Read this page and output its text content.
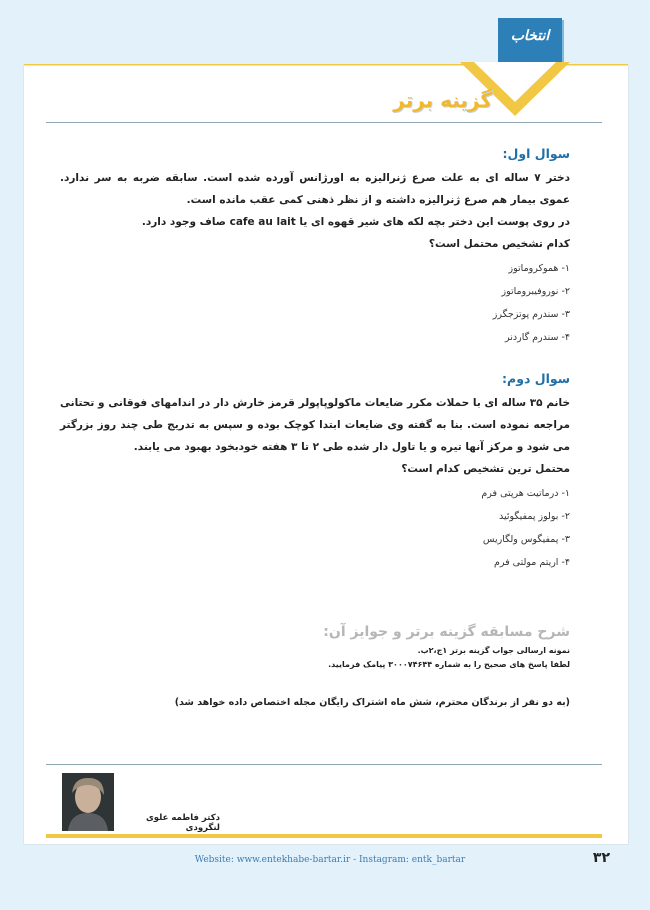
انتخاب
گزینه برتر

سوال اول:

دختر ۷ ساله ای به علت صرع ژنرالیزه به اورژانس آورده شده است. سابقه ضربه به سر ندارد. عموی بیمار هم صرع ژنرالیزه داشته و از نظر ذهنی کمی عقب مانده است.

در روی پوست این دختر بچه لکه های شیر قهوه ای یا cafe au lait صاف وجود دارد.

کدام تشخیص محتمل است؟

۱- هموکروماتوز
۲- نوروفیبروماتوز
۳- سندرم پوتزجگرز
۴- سندرم گاردنر

سوال دوم:

خانم ۳۵ ساله ای با حملات مکرر ضایعات ماکولوپاپولر قرمز خارش دار در اندامهای فوقانی و تحتانی مراجعه نموده است. بنا به گفته وی ضایعات ابتدا کوچک بوده و سپس به تدریج طی چند روز بزرگتر می شود و مرکز آنها تیره و یا تاول دار شده طی ۲ تا ۳ هفته خودبخود بهبود می یابند.

محتمل ترین تشخیص کدام است؟

۱- درماتیت هرپتی فرم
۲- بولوز پمفیگوئید
۳- پمفیگوس ولگاریس
۴- اریتم مولتی فرم

شرح مسابقه گزینه برتر و جوایز آن:

نمونه ارسالی جواب گزینه برتر ۱ج،۲ب.
لطفا پاسخ های صحیح را به شماره ۳۰۰۰۷۴۶۴۴ پیامک فرمایید.
(به دو نفر از برندگان محترم، شش ماه اشتراک رایگان مجله اختصاص داده خواهد شد)
دکتر فاطمه علوی لنگرودی
Website: www.entekhabe-bartar.ir - Instagram: entk_bartar	۳۲
